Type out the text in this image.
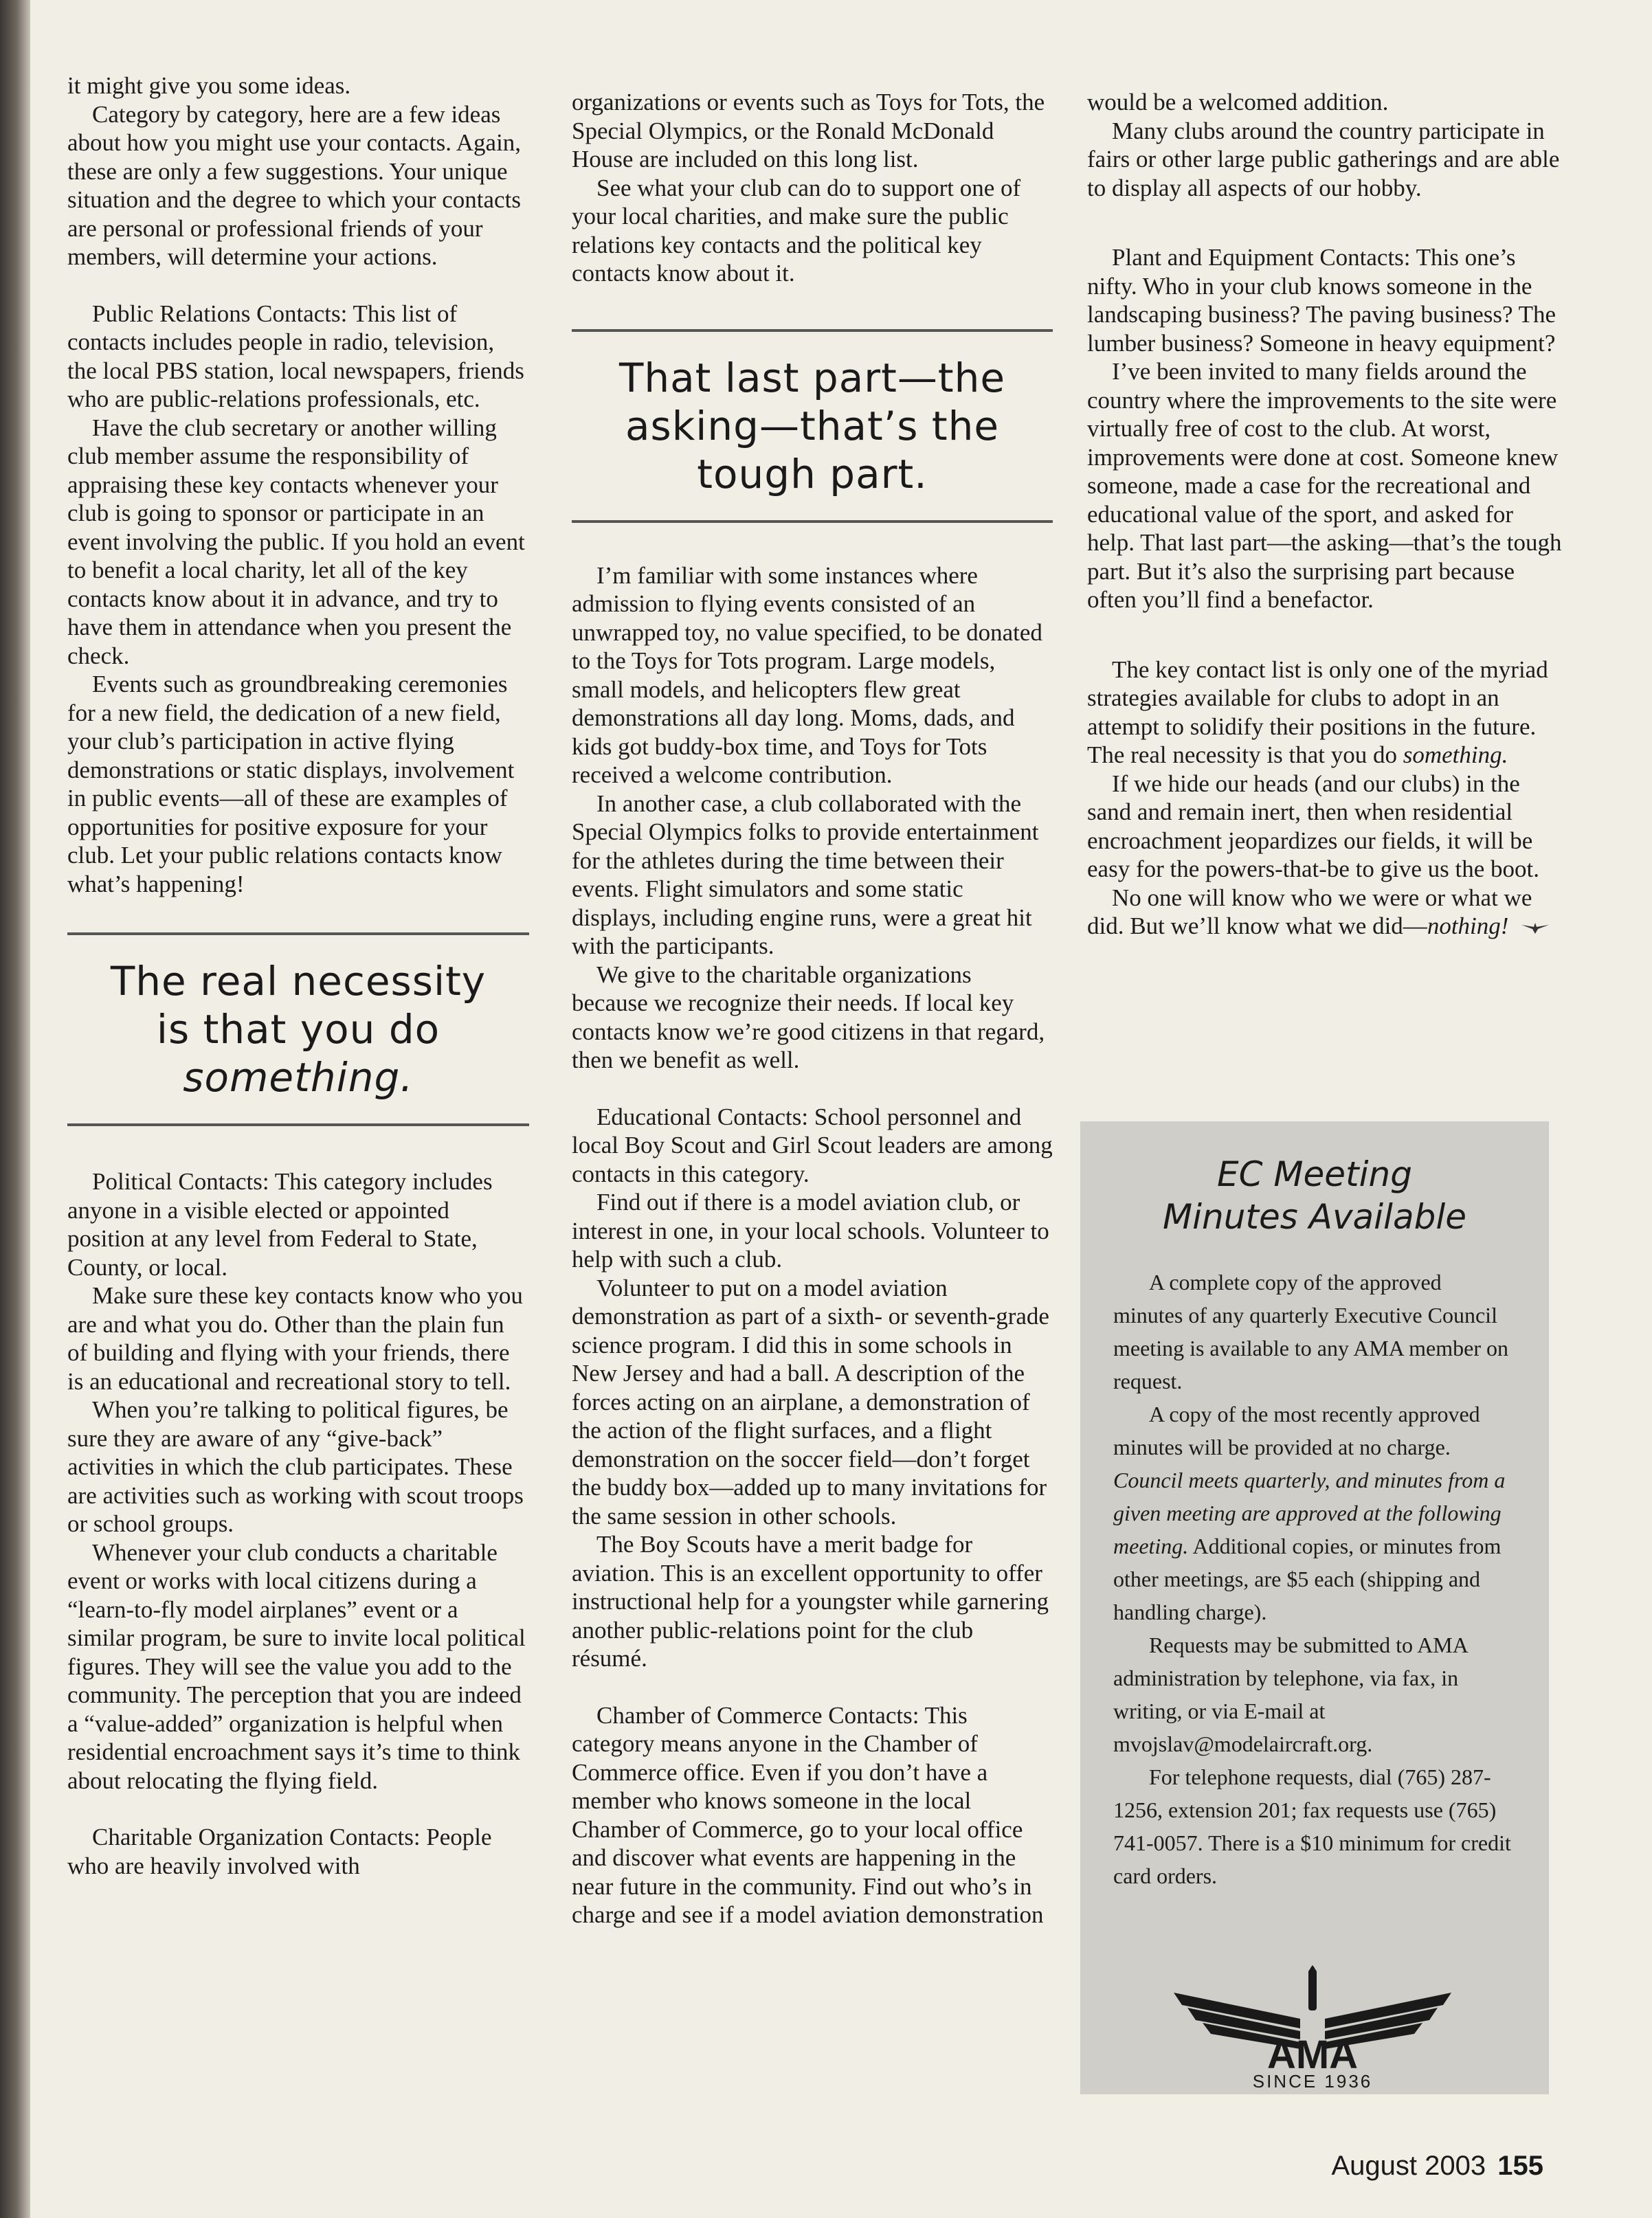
it might give you some ideas.

Category by category, here are a few ideas about how you might use your contacts. Again, these are only a few suggestions. Your unique situation and the degree to which your contacts are personal or professional friends of your members, will determine your actions.

Public Relations Contacts: This list of contacts includes people in radio, television, the local PBS station, local newspapers, friends who are public-relations professionals, etc.

Have the club secretary or another willing club member assume the responsibility of appraising these key contacts whenever your club is going to sponsor or participate in an event involving the public. If you hold an event to benefit a local charity, let all of the key contacts know about it in advance, and try to have them in attendance when you present the check.

Events such as groundbreaking ceremonies for a new field, the dedication of a new field, your club’s participation in active flying demonstrations or static displays, involvement in public events—all of these are examples of opportunities for positive exposure for your club. Let your public relations contacts know what’s happening!

The real necessity
is that you do
something.

Political Contacts: This category includes anyone in a visible elected or appointed position at any level from Federal to State, County, or local.

Make sure these key contacts know who you are and what you do. Other than the plain fun of building and flying with your friends, there is an educational and recreational story to tell.

When you’re talking to political figures, be sure they are aware of any “give-back” activities in which the club participates. These are activities such as working with scout troops or school groups.

Whenever your club conducts a charitable event or works with local citizens during a “learn-to-fly model airplanes” event or a similar program, be sure to invite local political figures. They will see the value you add to the community. The perception that you are indeed a “value-added” organization is helpful when residential encroachment says it’s time to think about relocating the flying field.

Charitable Organization Contacts: People who are heavily involved with

organizations or events such as Toys for Tots, the Special Olympics, or the Ronald McDonald House are included on this long list.

See what your club can do to support one of your local charities, and make sure the public relations key contacts and the political key contacts know about it.

That last part—the
asking—that’s the
tough part.

I’m familiar with some instances where admission to flying events consisted of an unwrapped toy, no value specified, to be donated to the Toys for Tots program. Large models, small models, and helicopters flew great demonstrations all day long. Moms, dads, and kids got buddy-box time, and Toys for Tots received a welcome contribution.

In another case, a club collaborated with the Special Olympics folks to provide entertainment for the athletes during the time between their events. Flight simulators and some static displays, including engine runs, were a great hit with the participants.

We give to the charitable organizations because we recognize their needs. If local key contacts know we’re good citizens in that regard, then we benefit as well.

Educational Contacts: School personnel and local Boy Scout and Girl Scout leaders are among contacts in this category.

Find out if there is a model aviation club, or interest in one, in your local schools. Volunteer to help with such a club.

Volunteer to put on a model aviation demonstration as part of a sixth- or seventh-grade science program. I did this in some schools in New Jersey and had a ball. A description of the forces acting on an airplane, a demonstration of the action of the flight surfaces, and a flight demonstration on the soccer field—don’t forget the buddy box—added up to many invitations for the same session in other schools.

The Boy Scouts have a merit badge for aviation. This is an excellent opportunity to offer instructional help for a youngster while garnering another public-relations point for the club résumé.

Chamber of Commerce Contacts: This category means anyone in the Chamber of Commerce office. Even if you don’t have a member who knows someone in the local Chamber of Commerce, go to your local office and discover what events are happening in the near future in the community. Find out who’s in charge and see if a model aviation demonstration

would be a welcomed addition.

Many clubs around the country participate in fairs or other large public gatherings and are able to display all aspects of our hobby.

Plant and Equipment Contacts: This one’s nifty. Who in your club knows someone in the landscaping business? The paving business? The lumber business? Someone in heavy equipment?

I’ve been invited to many fields around the country where the improvements to the site were virtually free of cost to the club. At worst, improvements were done at cost. Someone knew someone, made a case for the recreational and educational value of the sport, and asked for help. That last part—the asking—that’s the tough part. But it’s also the surprising part because often you’ll find a benefactor.

The key contact list is only one of the myriad strategies available for clubs to adopt in an attempt to solidify their positions in the future. The real necessity is that you do something.

If we hide our heads (and our clubs) in the sand and remain inert, then when residential encroachment jeopardizes our fields, it will be easy for the powers-that-be to give us the boot.

No one will know who we were or what we did. But we’ll know what we did—nothing!

EC Meeting
Minutes Available

A complete copy of the approved minutes of any quarterly Executive Council meeting is available to any AMA member on request.

A copy of the most recently approved minutes will be provided at no charge. Council meets quarterly, and minutes from a given meeting are approved at the following meeting. Additional copies, or minutes from other meetings, are $5 each (shipping and handling charge).

Requests may be submitted to AMA administration by telephone, via fax, in writing, or via E-mail at mvojslav@modelaircraft.org.

For telephone requests, dial (765) 287-1256, extension 201; fax requests use (765) 741-0057. There is a $10 minimum for credit card orders.

AMA
SINCE 1936
August 2003 155
